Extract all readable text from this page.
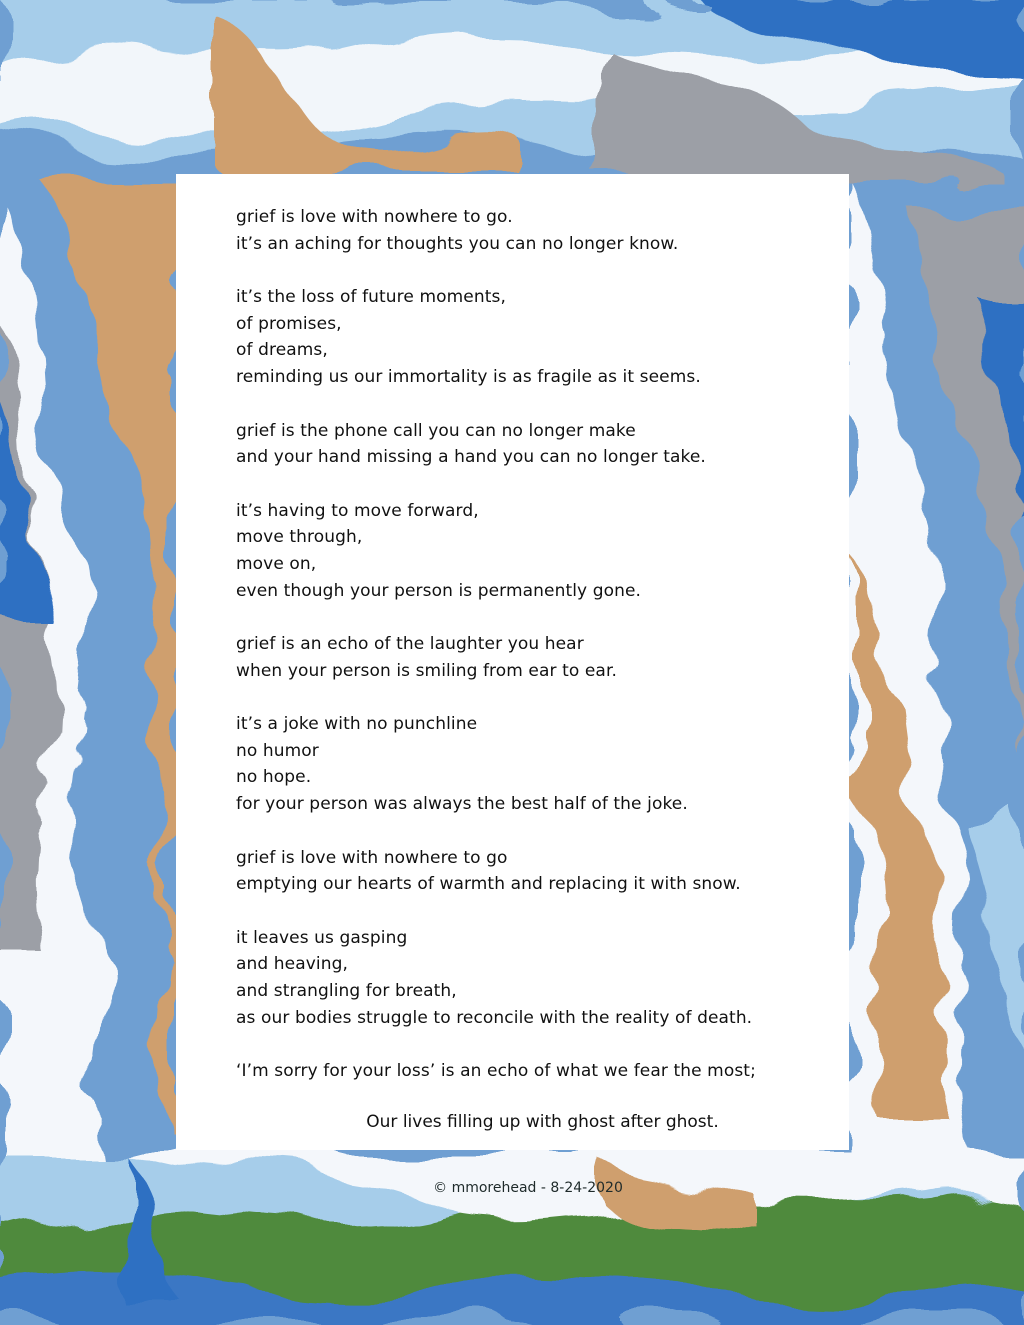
grief is love with nowhere to go.
it’s an aching for thoughts you can no longer know.
it’s the loss of future moments,
of promises,
of dreams,
reminding us our immortality is as fragile as it seems.
grief is the phone call you can no longer make
and your hand missing a hand you can no longer take.
it’s having to move forward,
move through,
move on,
even though your person is permanently gone.
grief is an echo of the laughter you hear
when your person is smiling from ear to ear.
it’s a joke with no punchline
no humor
no hope.
for your person was always the best half of the joke.
grief is love with nowhere to go
emptying our hearts of warmth and replacing it with snow.
it leaves us gasping
and heaving,
and strangling for breath,
as our bodies struggle to reconcile with the reality of death.
‘I’m sorry for your loss’ is an echo of what we fear the most;
Our lives filling up with ghost after ghost.
© mmorehead - 8-24-2020
